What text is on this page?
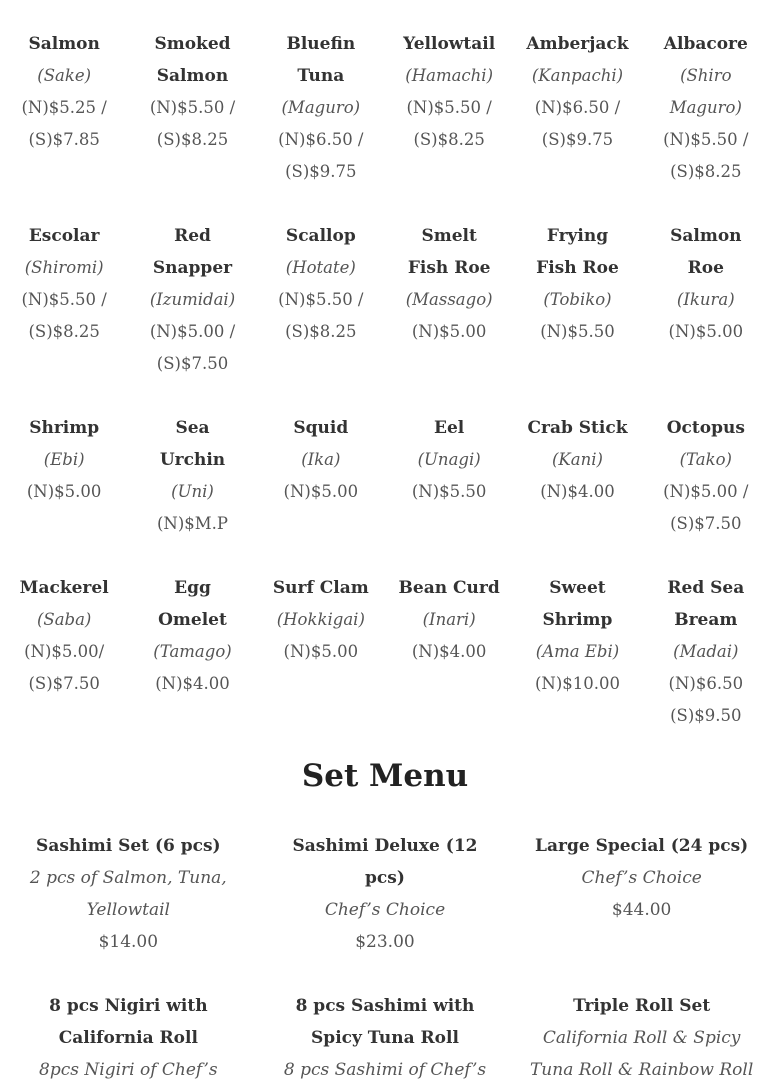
Salmon
(Sake)
(N)$5.25 / (S)$7.85
Smoked Salmon
(N)$5.50 / (S)$8.25
Bluefin Tuna
(Maguro)
(N)$6.50 / (S)$9.75
Yellowtail
(Hamachi)
(N)$5.50 / (S)$8.25
Amberjack
(Kanpachi)
(N)$6.50 / (S)$9.75
Albacore
(Shiro Maguro)
(N)$5.50 / (S)$8.25
Escolar
(Shiromi)
(N)$5.50 / (S)$8.25
Red Snapper
(Izumidai)
(N)$5.00 / (S)$7.50
Scallop
(Hotate)
(N)$5.50 / (S)$8.25
Smelt Fish Roe
(Massago)
(N)$5.00
Frying Fish Roe
(Tobiko)
(N)$5.50
Salmon Roe
(Ikura)
(N)$5.00
Shrimp
(Ebi)
(N)$5.00
Sea Urchin
(Uni)
(N)$M.P
Squid
(Ika)
(N)$5.00
Eel
(Unagi)
(N)$5.50
Crab Stick
(Kani)
(N)$4.00
Octopus
(Tako)
(N)$5.00 / (S)$7.50
Mackerel
(Saba)
(N)$5.00/ (S)$7.50
Egg Omelet
(Tamago)
(N)$4.00
Surf Clam
(Hokkigai)
(N)$5.00
Bean Curd
(Inari)
(N)$4.00
Sweet Shrimp
(Ama Ebi)
(N)$10.00
Red Sea Bream
(Madai)
(N)$6.50 (S)$9.50
Set Menu
Sashimi Set (6 pcs)
2 pcs of Salmon, Tuna, Yellowtail
$14.00
Sashimi Deluxe (12 pcs)
Chef’s Choice
$23.00
Large Special (24 pcs)
Chef’s Choice
$44.00
8 pcs Nigiri with California Roll
8pcs Nigiri of Chef’s
8 pcs Sashimi with Spicy Tuna Roll
8 pcs Sashimi of Chef’s
Triple Roll Set
California Roll & Spicy Tuna Roll & Rainbow Roll
